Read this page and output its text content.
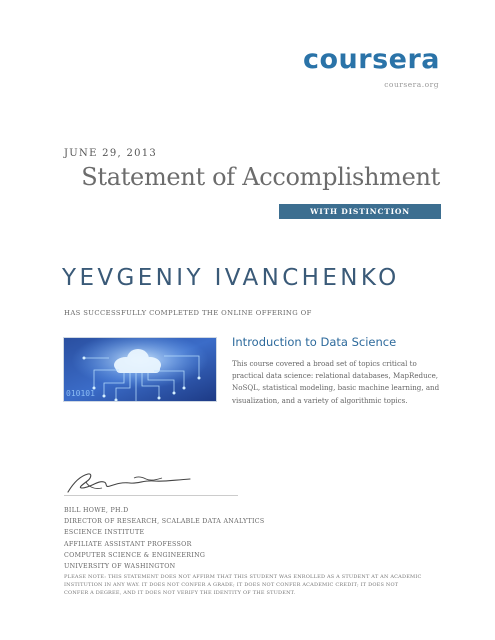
coursera
coursera.org
JUNE 29, 2013
Statement of Accomplishment
WITH DISTINCTION
YEVGENIY IVANCHENKO
HAS SUCCESSFULLY COMPLETED THE ONLINE OFFERING OF
010101
Introduction to Data Science
This course covered a broad set of topics critical to practical data science: relational databases, MapReduce, NoSQL, statistical modeling, basic machine learning, and visualization, and a variety of algorithmic topics.
BILL HOWE, PH.D
DIRECTOR OF RESEARCH, SCALABLE DATA ANALYTICS
ESCIENCE INSTITUTE
AFFILIATE ASSISTANT PROFESSOR
COMPUTER SCIENCE & ENGINEERING
UNIVERSITY OF WASHINGTON
PLEASE NOTE: THIS STATEMENT DOES NOT AFFIRM THAT THIS STUDENT WAS ENROLLED AS A STUDENT AT AN ACADEMIC INSTITUTION IN ANY WAY. IT DOES NOT CONFER A GRADE; IT DOES NOT CONFER ACADEMIC CREDIT; IT DOES NOT CONFER A DEGREE, AND IT DOES NOT VERIFY THE IDENTITY OF THE STUDENT.
